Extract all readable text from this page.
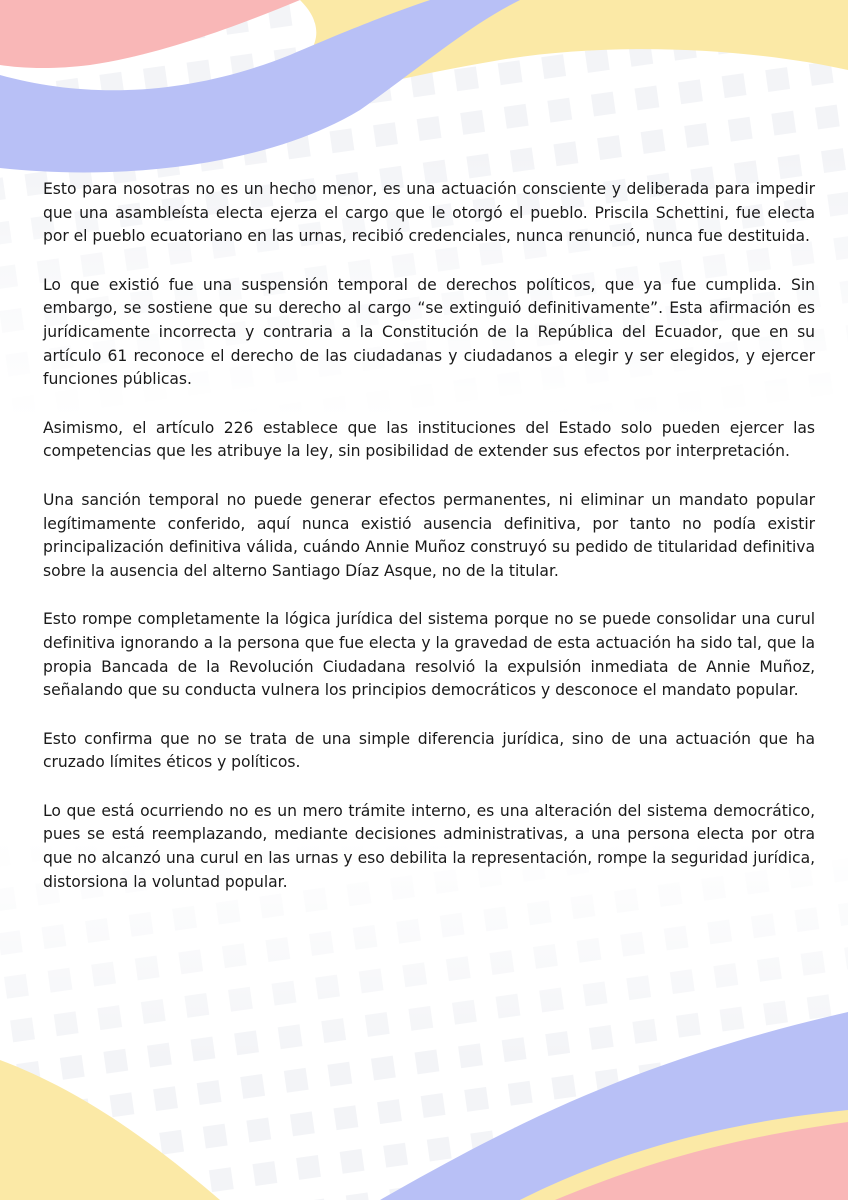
Esto para nosotras no es un hecho menor, es una actuación consciente y deliberada para impedir que una asambleísta electa ejerza el cargo que le otorgó el pueblo. Priscila Schettini, fue electa por el pueblo ecuatoriano en las urnas, recibió credenciales, nunca renunció, nunca fue destituida.

Lo que existió fue una suspensión temporal de derechos políticos, que ya fue cumplida. Sin embargo, se sostiene que su derecho al cargo “se extinguió definitivamente”. Esta afirmación es jurídicamente incorrecta y contraria a la Constitución de la República del Ecuador, que en su artículo 61 reconoce el derecho de las ciudadanas y ciudadanos a elegir y ser elegidos, y ejercer funciones públicas.

Asimismo, el artículo 226 establece que las instituciones del Estado solo pueden ejercer las competencias que les atribuye la ley, sin posibilidad de extender sus efectos por interpretación.

Una sanción temporal no puede generar efectos permanentes, ni eliminar un mandato popular legítimamente conferido, aquí nunca existió ausencia definitiva, por tanto no podía existir principalización definitiva válida, cuándo Annie Muñoz construyó su pedido de titularidad definitiva sobre la ausencia del alterno Santiago Díaz Asque, no de la titular.

Esto rompe completamente la lógica jurídica del sistema porque no se puede consolidar una curul definitiva ignorando a la persona que fue electa y la gravedad de esta actuación ha sido tal, que la propia Bancada de la Revolución Ciudadana resolvió la expulsión inmediata de Annie Muñoz, señalando que su conducta vulnera los principios democráticos y desconoce el mandato popular.

Esto confirma que no se trata de una simple diferencia jurídica, sino de una actuación que ha cruzado límites éticos y políticos.

Lo que está ocurriendo no es un mero trámite interno, es una alteración del sistema democrático, pues se está reemplazando, mediante decisiones administrativas, a una persona electa por otra que no alcanzó una curul en las urnas y eso debilita la representación, rompe la seguridad jurídica, distorsiona la voluntad popular.
